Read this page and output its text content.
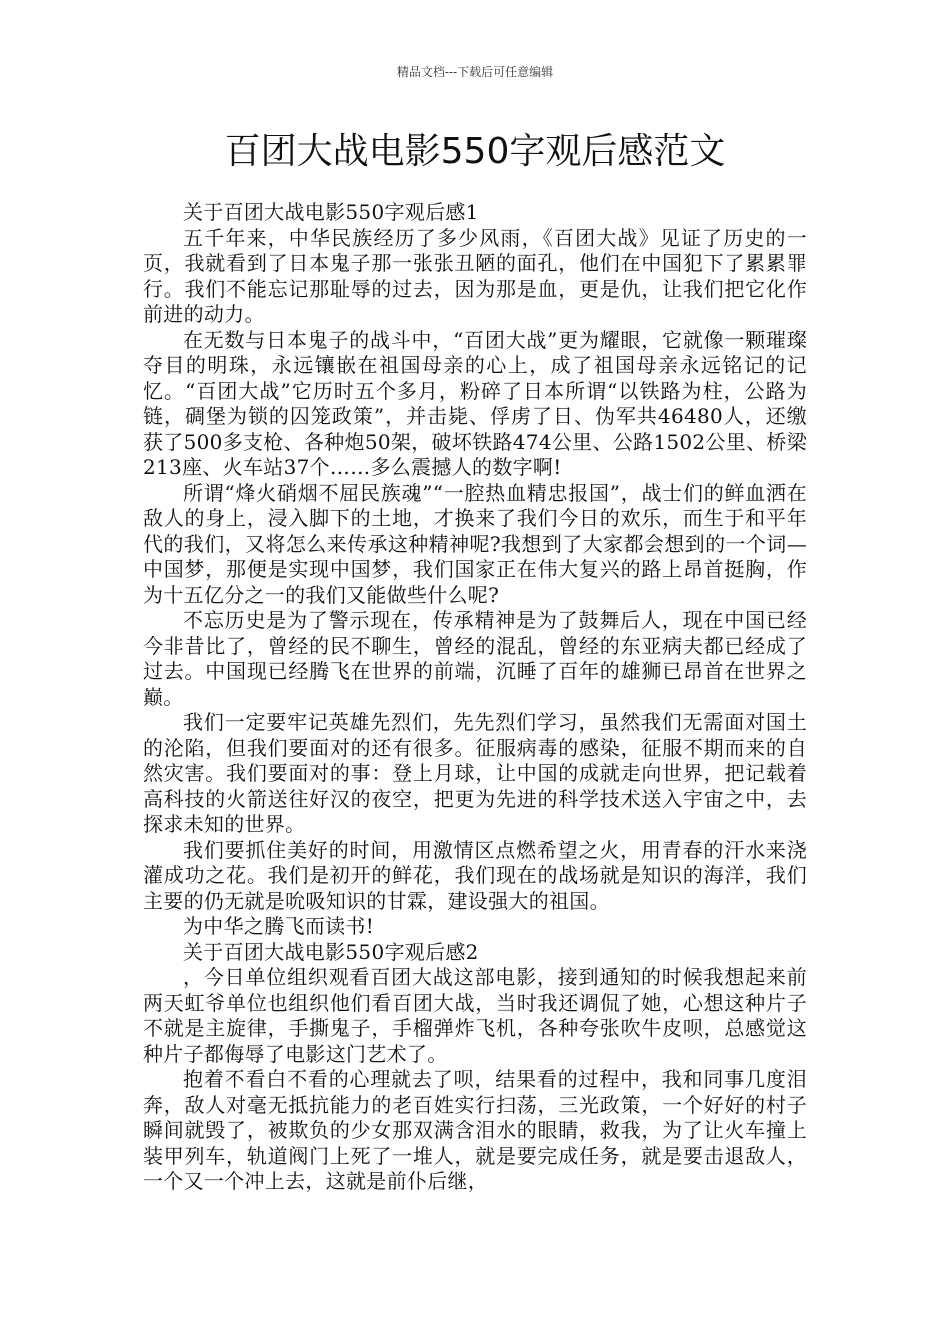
精品文档---下载后可任意编辑
百团大战电影550字观后感范文

关于百团大战电影550字观后感1

五千年来，中华民族经历了多少风雨，《百团大战》见证了历史的一页，我就看到了日本鬼子那一张张丑陋的面孔，他们在中国犯下了累累罪行。我们不能忘记那耻辱的过去，因为那是血，更是仇，让我们把它化作前进的动力。

在无数与日本鬼子的战斗中，“百团大战”更为耀眼，它就像一颗璀璨夺目的明珠，永远镶嵌在祖国母亲的心上，成了祖国母亲永远铭记的记忆。“百团大战”它历时五个多月，粉碎了日本所谓“以铁路为柱，公路为链，碉堡为锁的囚笼政策”，并击毙、俘虏了日、伪军共46480人，还缴获了500多支枪、各种炮50架，破坏铁路474公里、公路1502公里、桥梁213座、火车站37个……多么震撼人的数字啊!

所谓“烽火硝烟不屈民族魂”“一腔热血精忠报国”，战士们的鲜血洒在敌人的身上，浸入脚下的土地，才换来了我们今日的欢乐，而生于和平年代的我们，又将怎么来传承这种精神呢?我想到了大家都会想到的一个词—中国梦，那便是实现中国梦，我们国家正在伟大复兴的路上昂首挺胸，作为十五亿分之一的我们又能做些什么呢?

不忘历史是为了警示现在，传承精神是为了鼓舞后人，现在中国已经今非昔比了，曾经的民不聊生，曾经的混乱，曾经的东亚病夫都已经成了过去。中国现已经腾飞在世界的前端，沉睡了百年的雄狮已昂首在世界之巅。

我们一定要牢记英雄先烈们，先先烈们学习，虽然我们无需面对国土的沦陷，但我们要面对的还有很多。征服病毒的感染，征服不期而来的自然灾害。我们要面对的事：登上月球，让中国的成就走向世界，把记载着高科技的火箭送往好汉的夜空，把更为先进的科学技术送入宇宙之中，去探求未知的世界。

我们要抓住美好的时间，用激情区点燃希望之火，用青春的汗水来浇灌成功之花。我们是初开的鲜花，我们现在的战场就是知识的海洋，我们主要的仍无就是吮吸知识的甘霖，建设强大的祖国。

为中华之腾飞而读书!

关于百团大战电影550字观后感2

，今日单位组织观看百团大战这部电影，接到通知的时候我想起来前两天虹爷单位也组织他们看百团大战，当时我还调侃了她，心想这种片子不就是主旋律，手撕鬼子，手榴弹炸飞机，各种夸张吹牛皮呗，总感觉这种片子都侮辱了电影这门艺术了。

抱着不看白不看的心理就去了呗，结果看的过程中，我和同事几度泪奔，敌人对毫无抵抗能力的老百姓实行扫荡，三光政策，一个好好的村子瞬间就毁了，被欺负的少女那双满含泪水的眼睛，救我，为了让火车撞上装甲列车，轨道阀门上死了一堆人，就是要完成任务，就是要击退敌人，一个又一个冲上去，这就是前仆后继，
